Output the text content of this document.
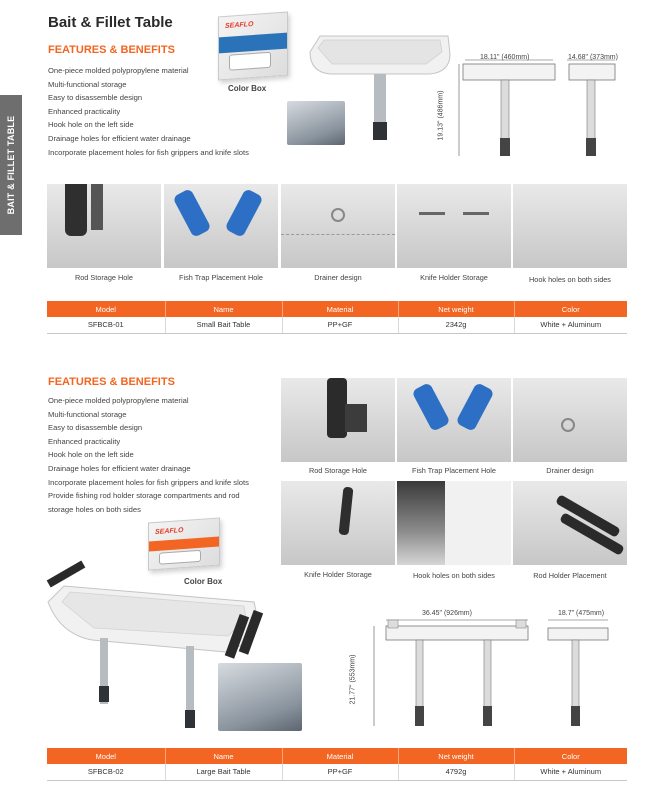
BAIT & FILLET TABLE
Bait & Fillet Table
FEATURES & BENEFITS
One-piece molded polypropylene material
Multi-functional storage
Easy to disassemble design
Enhanced practicality
Hook hole on the left side
Drainage holes for efficient water drainage
Incorporate placement holes for fish grippers and knife slots
SEAFLO
Color Box
18.11" (460mm)	14.68" (373mm)
19.13" (486mm)
Rod Storage Hole	Fish Trap Placement Hole	Drainer design	Knife Holder Storage	Hook holes on both sides
Model	Name	Material	Net weight	Color
SFBCB-01	Small Bait Table	PP+GF	2342g	White + Aluminum
FEATURES & BENEFITS
One-piece molded polypropylene material
Multi-functional storage
Easy to disassemble design
Enhanced practicality
Hook hole on the left side
Drainage holes for efficient water drainage
Incorporate placement holes for fish grippers and knife slots
Provide fishing rod holder storage compartments and rod
storage holes on both sides
Rod Storage Hole	Fish Trap Placement Hole	Drainer design
Knife Holder Storage	Hook holes on both sides	Rod Holder Placement
SEAFLO
Color Box
36.45" (926mm)	18.7" (475mm)
21.77" (553mm)
Model	Name	Material	Net weight	Color
SFBCB-02	Large Bait Table	PP+GF	4792g	White + Aluminum
